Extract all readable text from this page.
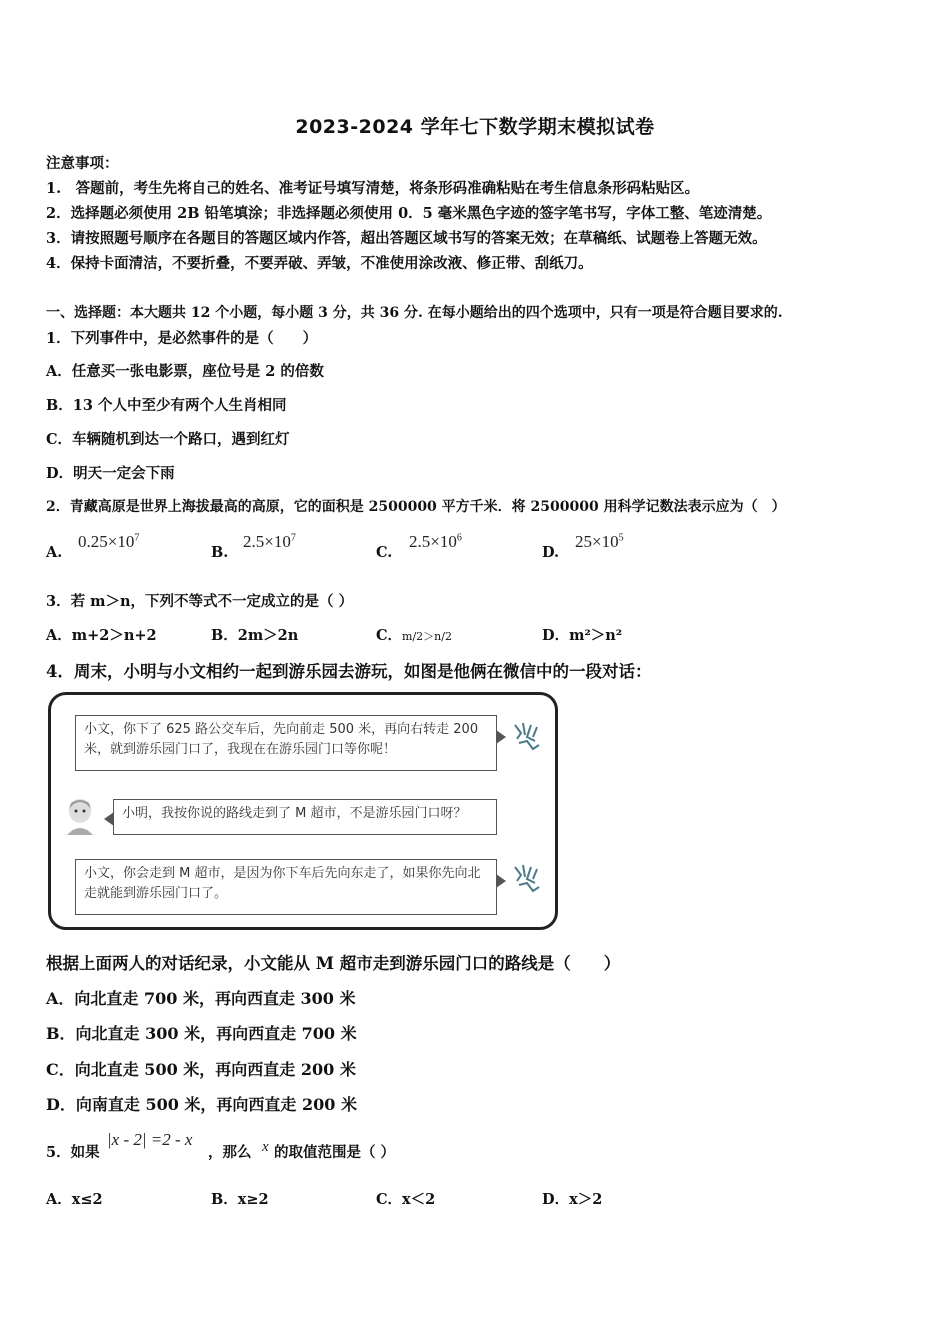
2023-2024 学年七下数学期末模拟试卷
注意事项：
1.　答题前，考生先将自己的姓名、准考证号填写清楚，将条形码准确粘贴在考生信息条形码粘贴区。
2．选择题必须使用 2B 铅笔填涂；非选择题必须使用 0．5 毫米黑色字迹的签字笔书写，字体工整、笔迹清楚。
3．请按照题号顺序在各题目的答题区域内作答，超出答题区域书写的答案无效；在草稿纸、试题卷上答题无效。
4．保持卡面清洁，不要折叠，不要弄破、弄皱，不准使用涂改液、修正带、刮纸刀。
一、选择题：本大题共 12 个小题，每小题 3 分，共 36 分. 在每小题给出的四个选项中，只有一项是符合题目要求的.
1．下列事件中，是必然事件的是（　　）
A．任意买一张电影票，座位号是 2 的倍数
B．13 个人中至少有两个人生肖相同
C．车辆随机到达一个路口，遇到红灯
D．明天一定会下雨
2．青藏高原是世界上海拔最高的高原，它的面积是 2500000 平方千米．将 2500000 用科学记数法表示应为（　）
A.
$0.25\times 10^7$
B.
$2.5\times 10^7$
C.
$2.5\times 10^6$
D.
$25\times 10^5$
3．若 m＞n，下列不等式不一定成立的是（ ）
A．m+2＞n+2	B．2m＞2n	C．m/2＞n/2	D．m²＞n²
4．周末，小明与小文相约一起到游乐园去游玩，如图是他俩在微信中的一段对话：
小文，你下了 625 路公交车后，先向前走 500 米，再向右转走 200 米，就到游乐园门口了，我现在在游乐园门口等你呢！
小明，我按你说的路线走到了 M 超市，不是游乐园门口呀？
小文，你会走到 M 超市，是因为你下车后先向东走了，如果你先向北走就能到游乐园门口了。
根据上面两人的对话纪录，小文能从 M 超市走到游乐园门口的路线是（　　）
A．向北直走 700 米，再向西直走 300 米
B．向北直走 300 米，再向西直走 700 米
C．向北直走 500 米，再向西直走 200 米
D．向南直走 500 米，再向西直走 200 米
5．如果
|x - 2| =2 - x
，那么 x 的取值范围是（ ）
A．x≤2	B．x≥2	C．x＜2	D．x＞2
